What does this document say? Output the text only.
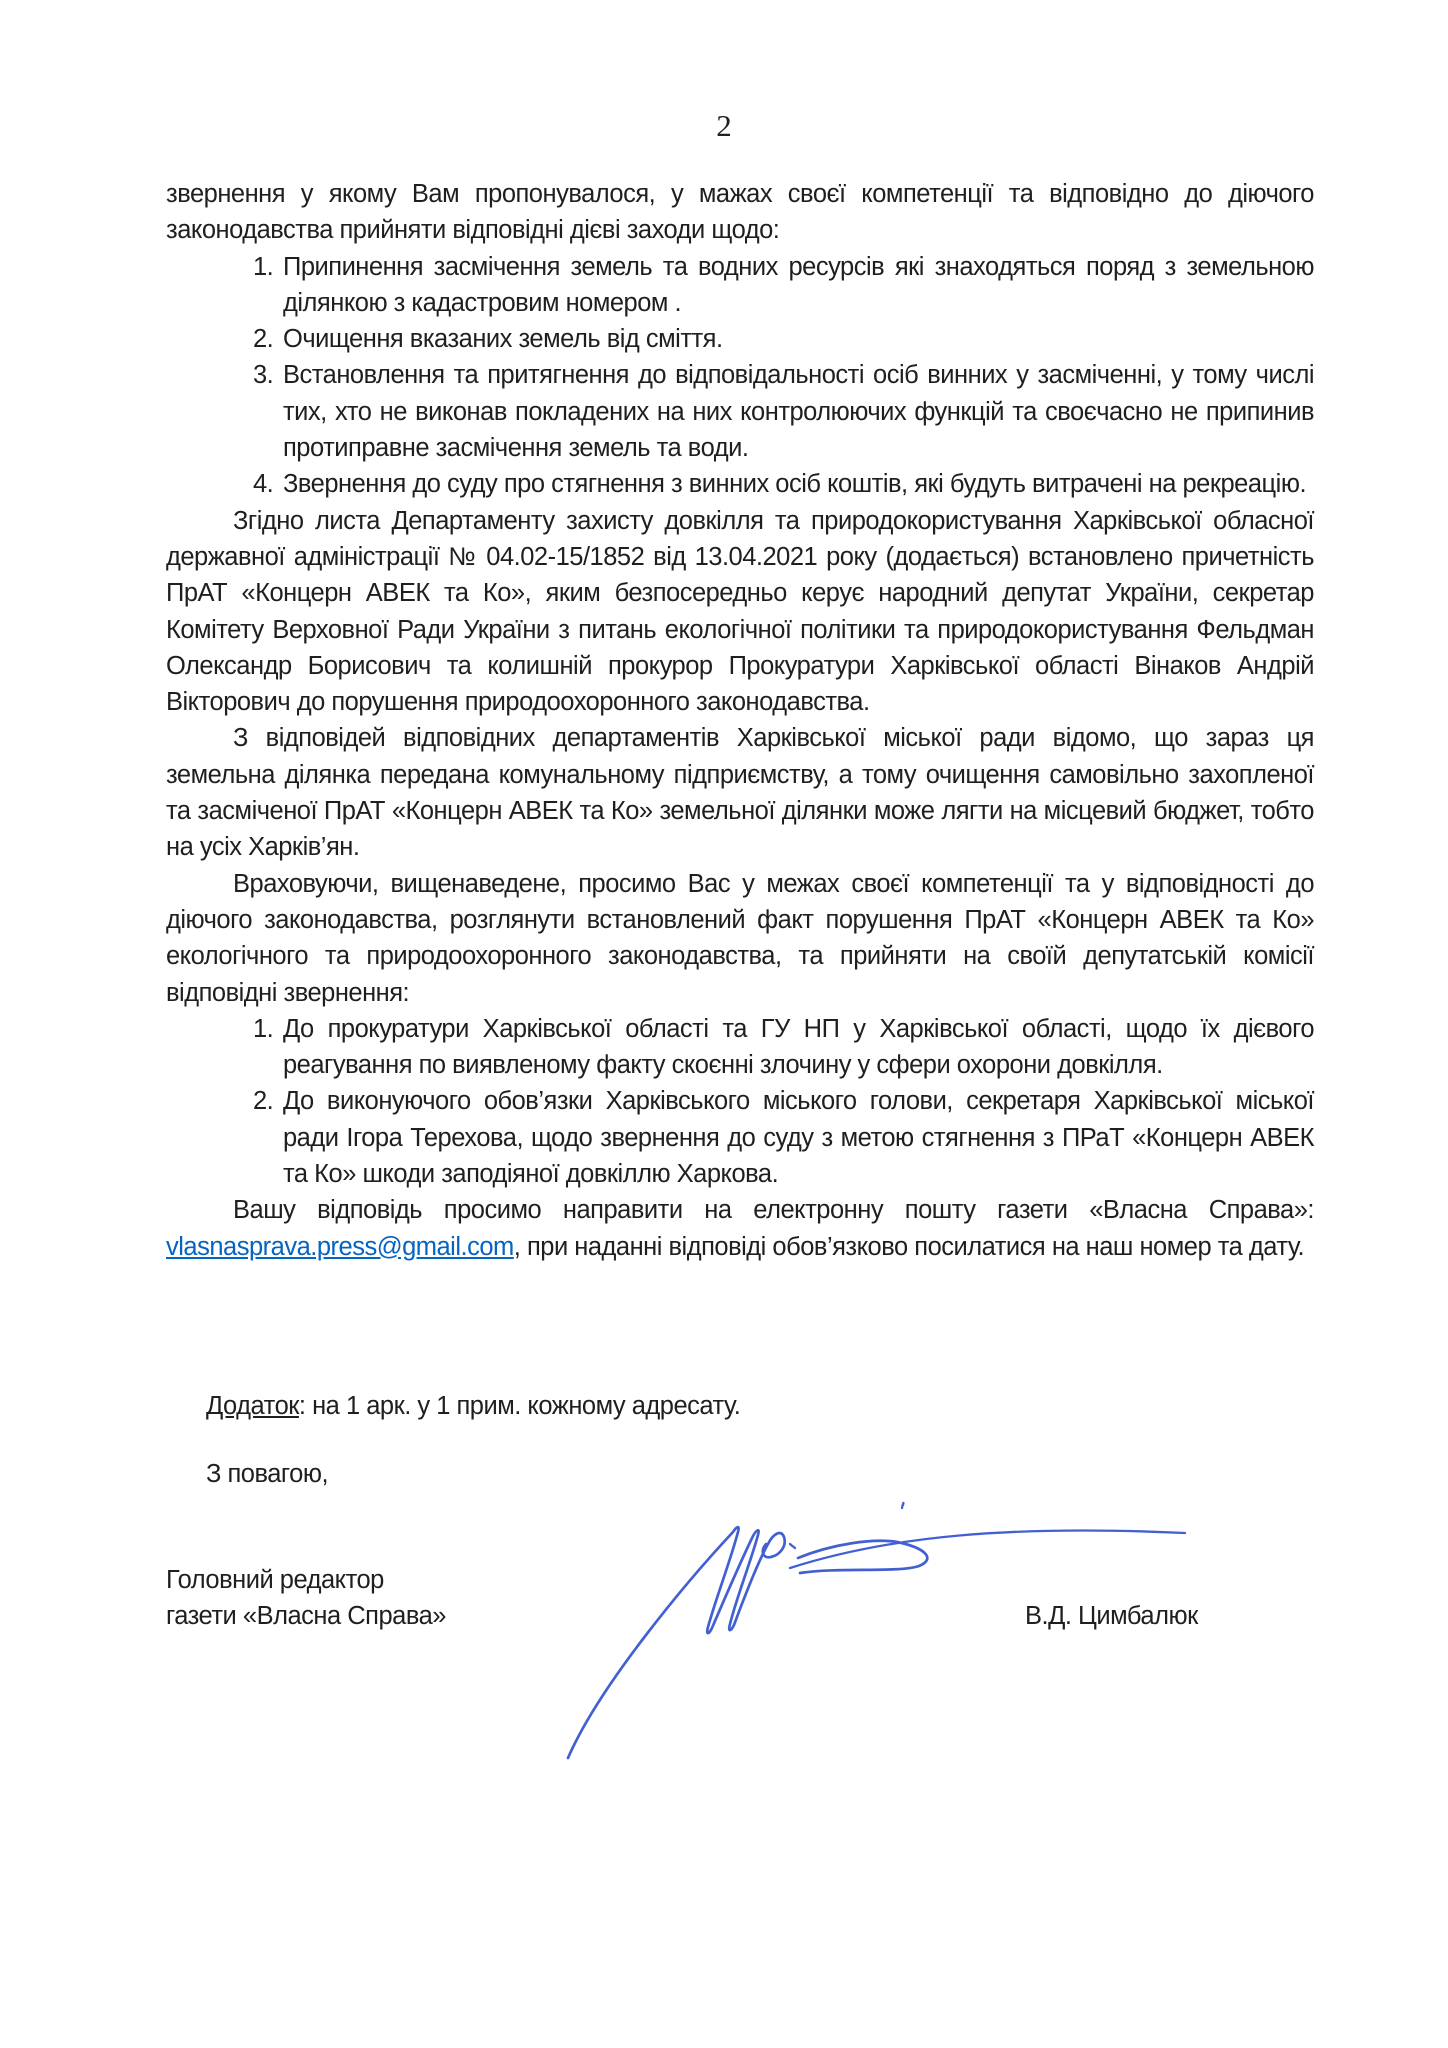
2

звернення у якому Вам пропонувалося, у мажах своєї компетенції та відповідно до діючого законодавства прийняти відповідні дієві заходи щодо:

1. Припинення засмічення земель та водних ресурсів які знаходяться поряд з земельною ділянкою з кадастровим номером .
2. Очищення вказаних земель від сміття.
3. Встановлення та притягнення до відповідальності осіб винних у засміченні, у тому числі тих, хто не виконав покладених на них контролюючих функцій та своєчасно не припинив протиправне засмічення земель та води.
4. Звернення до суду про стягнення з винних осіб коштів, які будуть витрачені на рекреацію.

Згідно листа Департаменту захисту довкілля та природокористування Харківської обласної державної адміністрації № 04.02-15/1852 від 13.04.2021 року (додається) встановлено причетність ПрАТ «Концерн АВЕК та Ко», яким безпосередньо керує народний депутат України, секретар Комітету Верховної Ради України з питань екологічної політики та природокористування Фельдман Олександр Борисович та колишній прокурор Прокуратури Харківської області Вінаков Андрій Вікторович до порушення природоохоронного законодавства.

З відповідей відповідних департаментів Харківської міської ради відомо, що зараз ця земельна ділянка передана комунальному підприємству, а тому очищення самовільно захопленої та засміченої ПрАТ «Концерн АВЕК та Ко» земельної ділянки може лягти на місцевий бюджет, тобто на усіх Харків’ян.

Враховуючи, вищенаведене, просимо Вас у межах своєї компетенції та у відповідності до діючого законодавства, розглянути встановлений факт порушення ПрАТ «Концерн АВЕК та Ко» екологічного та природоохоронного законодавства, та прийняти на своїй депутатській комісії відповідні звернення:

1. До прокуратури Харківської області та ГУ НП у Харківської області, щодо їх дієвого реагування по виявленому факту скоєнні злочину у сфери охорони довкілля.
2. До виконуючого обов’язки Харківського міського голови, секретаря Харківської міської ради Ігора Терехова, щодо звернення до суду з метою стягнення з ПРаТ «Концерн АВЕК та Ко» шкоди заподіяної довкіллю Харкова.

Вашу відповідь просимо направити на електронну пошту газети «Власна Справа»: vlasnasprava.press@gmail.com, при наданні відповіді обов’язково посилатися на наш номер та дату.

Додаток: на 1 арк. у 1 прим. кожному адресату.
З повагою,
Головний редактор
газети «Власна Справа»	В.Д. Цимбалюк
